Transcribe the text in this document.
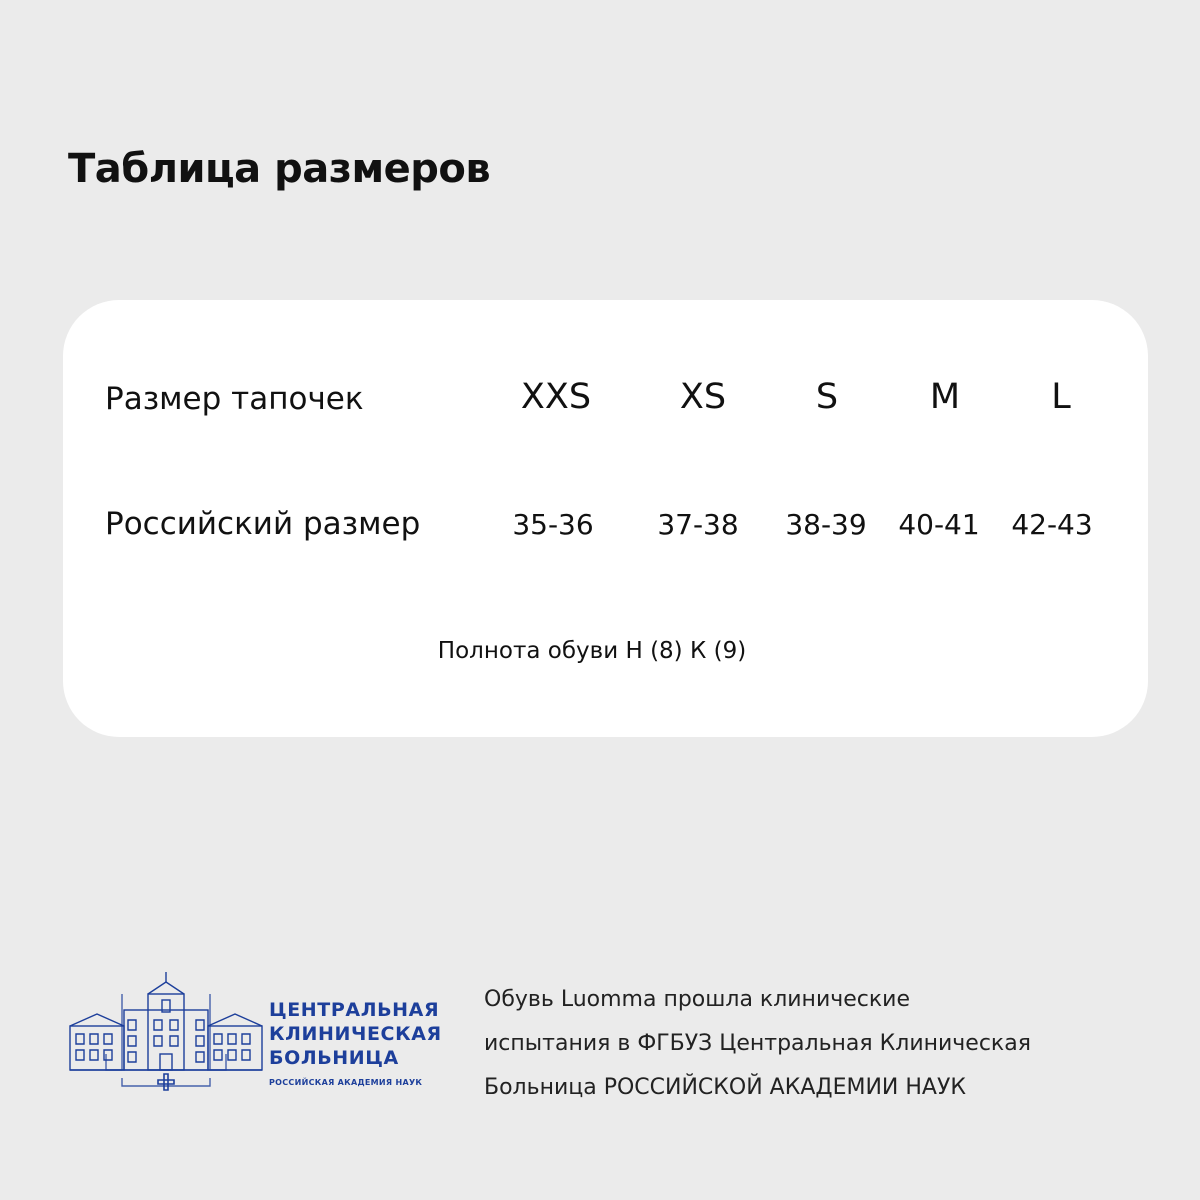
Таблица размеров
Размер тапочек	XXS	XS	S	M	L
Российский размер	35-36	37-38	38-39	40-41	42-43
Полнота обуви Н (8) К (9)
ЦЕНТРАЛЬНАЯ
КЛИНИЧЕСКАЯ
БОЛЬНИЦА
РОССИЙСКАЯ АКАДЕМИЯ НАУК
Обувь Luomma прошла клинические
испытания в ФГБУЗ Центральная Клиническая
Больница РОССИЙСКОЙ АКАДЕМИИ НАУК
